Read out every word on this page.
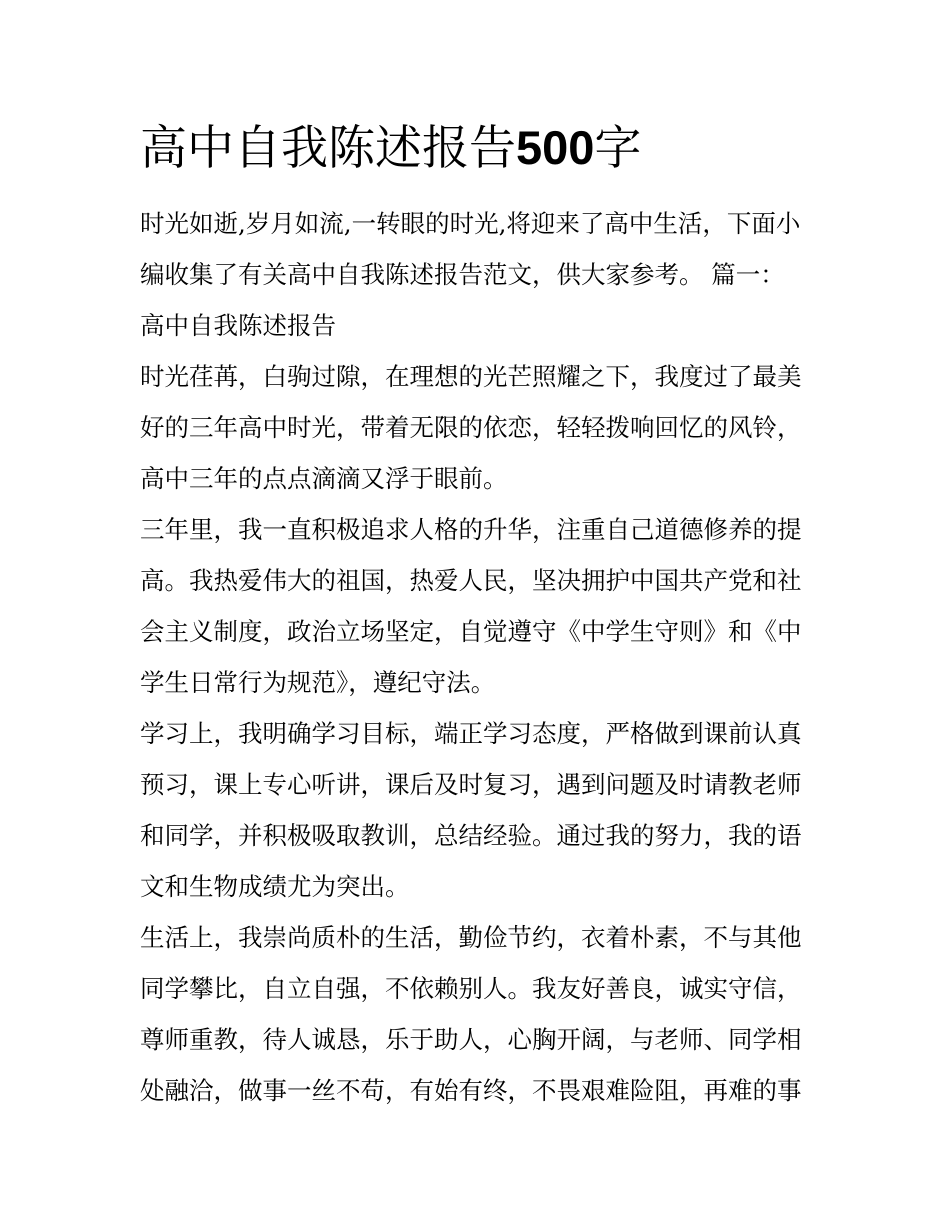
高中自我陈述报告500字

时光如逝,岁月如流,一转眼的时光,将迎来了高中生活，下面小

编收集了有关高中自我陈述报告范文，供大家参考。 篇一：

高中自我陈述报告

时光荏苒，白驹过隙，在理想的光芒照耀之下，我度过了最美

好的三年高中时光，带着无限的依恋，轻轻拨响回忆的风铃，

高中三年的点点滴滴又浮于眼前。

三年里，我一直积极追求人格的升华，注重自己道德修养的提

高。我热爱伟大的祖国，热爱人民，坚决拥护中国共产党和社

会主义制度，政治立场坚定，自觉遵守《中学生守则》和《中

学生日常行为规范》，遵纪守法。

学习上，我明确学习目标，端正学习态度，严格做到课前认真

预习，课上专心听讲，课后及时复习，遇到问题及时请教老师

和同学，并积极吸取教训，总结经验。通过我的努力，我的语

文和生物成绩尤为突出。

生活上，我崇尚质朴的生活，勤俭节约，衣着朴素，不与其他

同学攀比，自立自强，不依赖别人。我友好善良，诚实守信，

尊师重教，待人诚恳，乐于助人，心胸开阔，与老师、同学相

处融洽，做事一丝不苟，有始有终，不畏艰难险阻，再难的事
